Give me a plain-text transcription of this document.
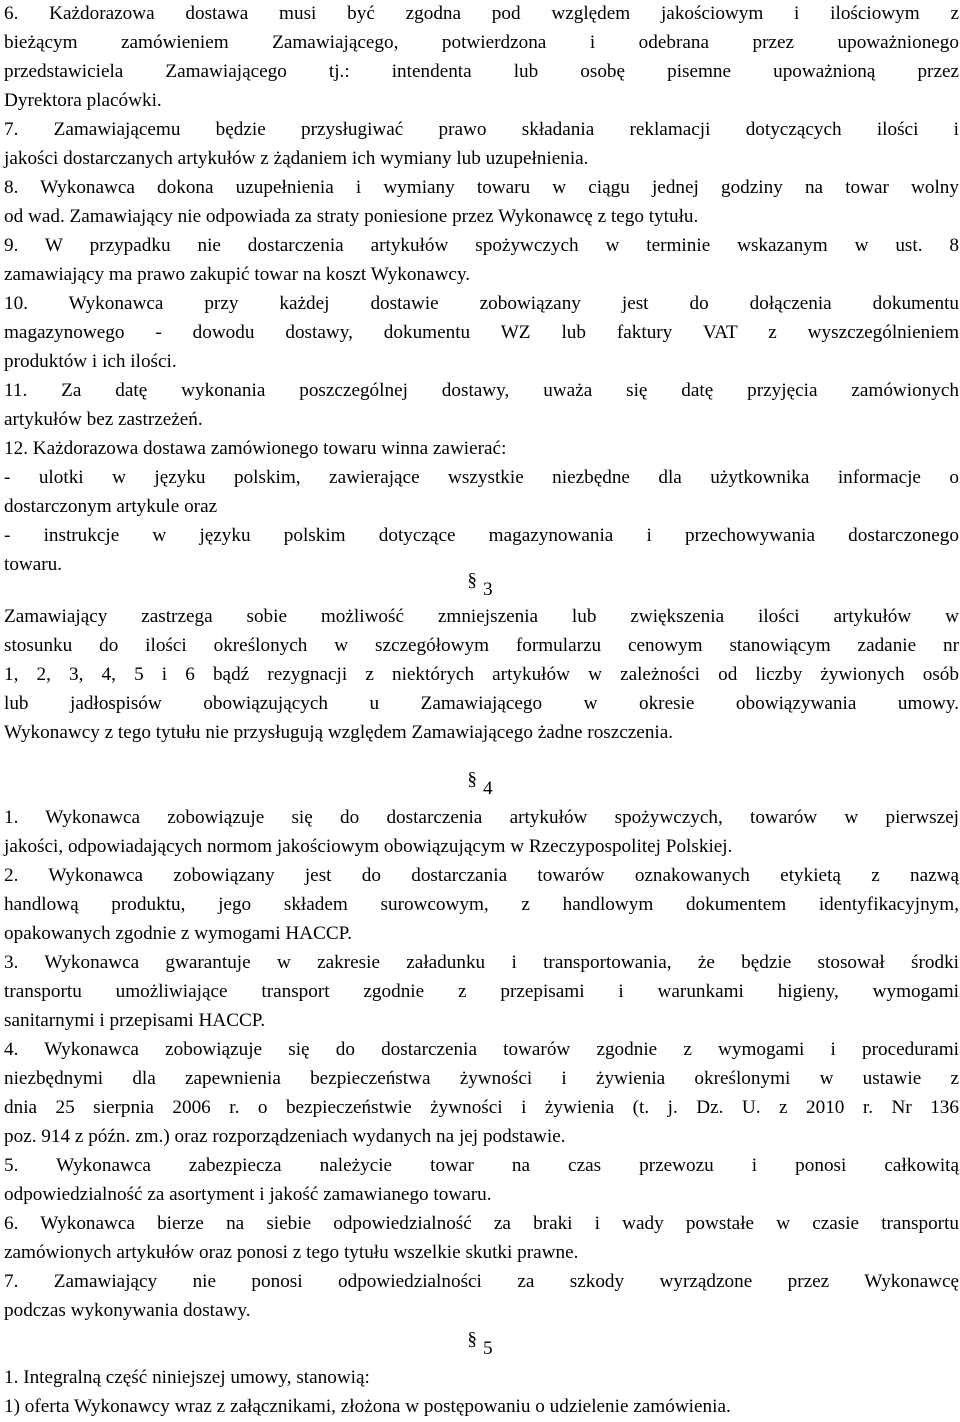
6. Każdorazowa dostawa musi być zgodna pod względem jakościowym i ilościowym z
bieżącym zamówieniem Zamawiającego, potwierdzona i odebrana przez upoważnionego
przedstawiciela Zamawiającego tj.: intendenta lub osobę pisemne upoważnioną przez
Dyrektora placówki.
7. Zamawiającemu będzie przysługiwać prawo składania reklamacji dotyczących ilości i
jakości dostarczanych artykułów z żądaniem ich wymiany lub uzupełnienia.
8. Wykonawca dokona uzupełnienia i wymiany towaru w ciągu jednej godziny na towar wolny
od wad. Zamawiający nie odpowiada za straty poniesione przez Wykonawcę z tego tytułu.
9. W przypadku nie dostarczenia artykułów spożywczych w terminie wskazanym w ust. 8
zamawiający ma prawo zakupić towar na koszt Wykonawcy.
10. Wykonawca przy każdej dostawie zobowiązany jest do dołączenia dokumentu
magazynowego - dowodu dostawy, dokumentu WZ lub faktury VAT z wyszczególnieniem
produktów i ich ilości.
11. Za datę wykonania poszczególnej dostawy, uważa się datę przyjęcia zamówionych
artykułów bez zastrzeżeń.
12. Każdorazowa dostawa zamówionego towaru winna zawierać:
- ulotki w języku polskim, zawierające wszystkie niezbędne dla użytkownika informacje o
dostarczonym artykule oraz
- instrukcje w języku polskim dotyczące magazynowania i przechowywania dostarczonego
towaru.
§ 3
Zamawiający zastrzega sobie możliwość zmniejszenia lub zwiększenia ilości artykułów w
stosunku do ilości określonych w szczegółowym formularzu cenowym stanowiącym zadanie nr
1, 2, 3, 4, 5 i 6 bądź rezygnacji z niektórych artykułów w zależności od liczby żywionych osób
lub jadłospisów obowiązujących u Zamawiającego w okresie obowiązywania umowy.
Wykonawcy z tego tytułu nie przysługują względem Zamawiającego żadne roszczenia.
§ 4
1. Wykonawca zobowiązuje się do dostarczenia artykułów spożywczych, towarów w pierwszej
jakości, odpowiadających normom jakościowym obowiązującym w Rzeczypospolitej Polskiej.
2. Wykonawca zobowiązany jest do dostarczania towarów oznakowanych etykietą z nazwą
handlową produktu, jego składem surowcowym, z handlowym dokumentem identyfikacyjnym,
opakowanych zgodnie z wymogami HACCP.
3. Wykonawca gwarantuje w zakresie załadunku i transportowania, że będzie stosował środki
transportu umożliwiające transport zgodnie z przepisami i warunkami higieny, wymogami
sanitarnymi i przepisami HACCP.
4. Wykonawca zobowiązuje się do dostarczenia towarów zgodnie z wymogami i procedurami
niezbędnymi dla zapewnienia bezpieczeństwa żywności i żywienia określonymi w ustawie z
dnia 25 sierpnia 2006 r. o bezpieczeństwie żywności i żywienia (t. j. Dz. U. z 2010 r. Nr 136
poz. 914 z późn. zm.) oraz rozporządzeniach wydanych na jej podstawie.
5. Wykonawca zabezpiecza należycie towar na czas przewozu i ponosi całkowitą
odpowiedzialność za asortyment i jakość zamawianego towaru.
6. Wykonawca bierze na siebie odpowiedzialność za braki i wady powstałe w czasie transportu
zamówionych artykułów oraz ponosi z tego tytułu wszelkie skutki prawne.
7. Zamawiający nie ponosi odpowiedzialności za szkody wyrządzone przez Wykonawcę
podczas wykonywania dostawy.
§ 5
1. Integralną część niniejszej umowy, stanowią:
1) oferta Wykonawcy wraz z załącznikami, złożona w postępowaniu o udzielenie zamówienia.
